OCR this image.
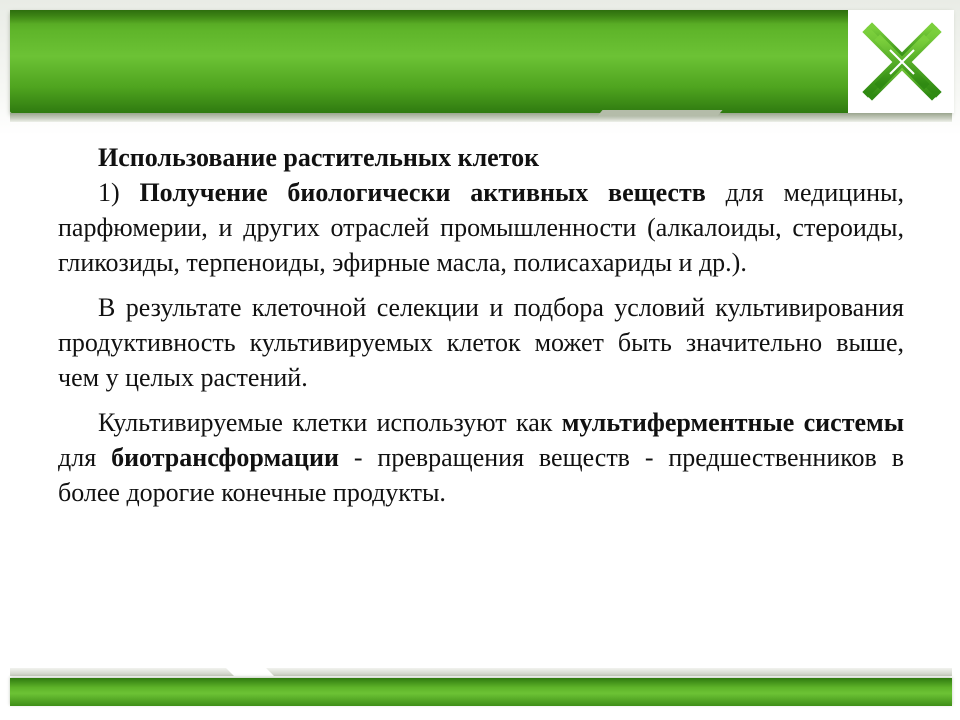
Использование растительных клеток

1) Получение биологически активных веществ для медицины, парфюмерии, и других отраслей промышленности (алкалоиды, стероиды, гликозиды, терпеноиды, эфирные масла, полисахариды и др.).

В результате клеточной селекции и подбора условий культивирования продуктивность культивируемых клеток может быть значительно выше, чем у целых растений.

Культивируемые клетки используют как мультиферментные системы для биотрансформации - превращения веществ - предшественников в более дорогие конечные продукты.
